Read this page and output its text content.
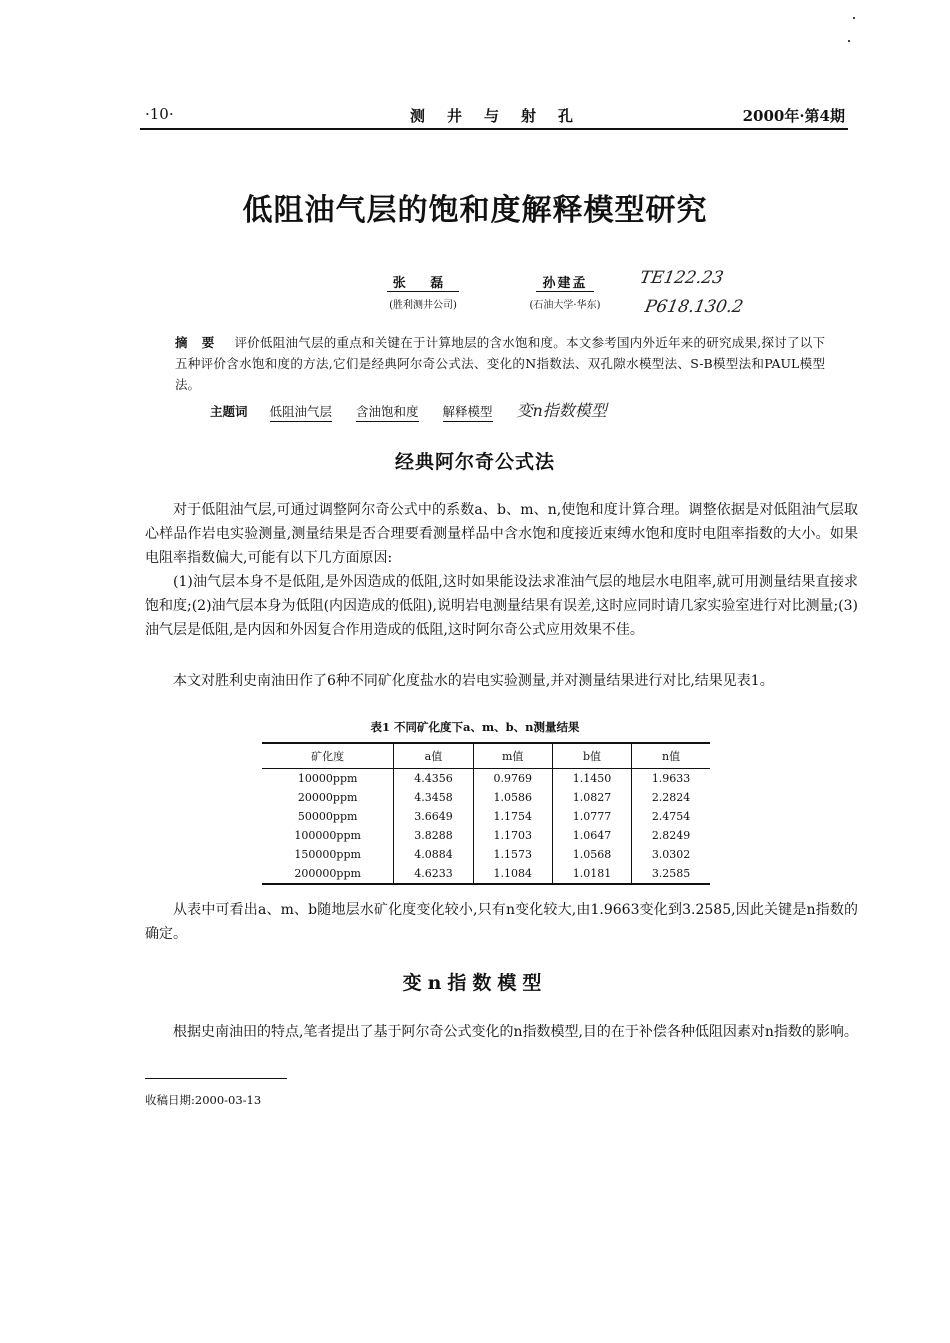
·10·	测井与射孔	2000年·第4期
低阻油气层的饱和度解释模型研究
张 磊
(胜利测井公司)
孙建孟
(石油大学·华东)
TE122.23
P618.130.2
摘要 评价低阻油气层的重点和关键在于计算地层的含水饱和度。本文参考国内外近年来的研究成果,探讨了以下五种评价含水饱和度的方法,它们是经典阿尔奇公式法、变化的N指数法、双孔隙水模型法、S-B模型法和PAUL模型法。
主题词 低阻油气层 含油饱和度 解释模型 变n指数模型
经典阿尔奇公式法
对于低阻油气层,可通过调整阿尔奇公式中的系数a、b、m、n,使饱和度计算合理。调整依据是对低阻油气层取心样品作岩电实验测量,测量结果是否合理要看测量样品中含水饱和度接近束缚水饱和度时电阻率指数的大小。如果电阻率指数偏大,可能有以下几方面原因:
(1)油气层本身不是低阻,是外因造成的低阻,这时如果能设法求准油气层的地层水电阻率,就可用测量结果直接求饱和度;(2)油气层本身为低阻(内因造成的低阻),说明岩电测量结果有误差,这时应同时请几家实验室进行对比测量;(3)油气层是低阻,是内因和外因复合作用造成的低阻,这时阿尔奇公式应用效果不佳。
本文对胜利史南油田作了6种不同矿化度盐水的岩电实验测量,并对测量结果进行对比,结果见表1。
表1 不同矿化度下a、m、b、n测量结果
矿化度	a值	m值	b值	n值
10000ppm	4.4356	0.9769	1.1450	1.9633
20000ppm	4.3458	1.0586	1.0827	2.2824
50000ppm	3.6649	1.1754	1.0777	2.4754
100000ppm	3.8288	1.1703	1.0647	2.8249
150000ppm	4.0884	1.1573	1.0568	3.0302
200000ppm	4.6233	1.1084	1.0181	3.2585
从表中可看出a、m、b随地层水矿化度变化较小,只有n变化较大,由1.9663变化到3.2585,因此关键是n指数的确定。
变n指数模型
根据史南油田的特点,笔者提出了基于阿尔奇公式变化的n指数模型,目的在于补偿各种低阻因素对n指数的影响。
收稿日期:2000-03-13
